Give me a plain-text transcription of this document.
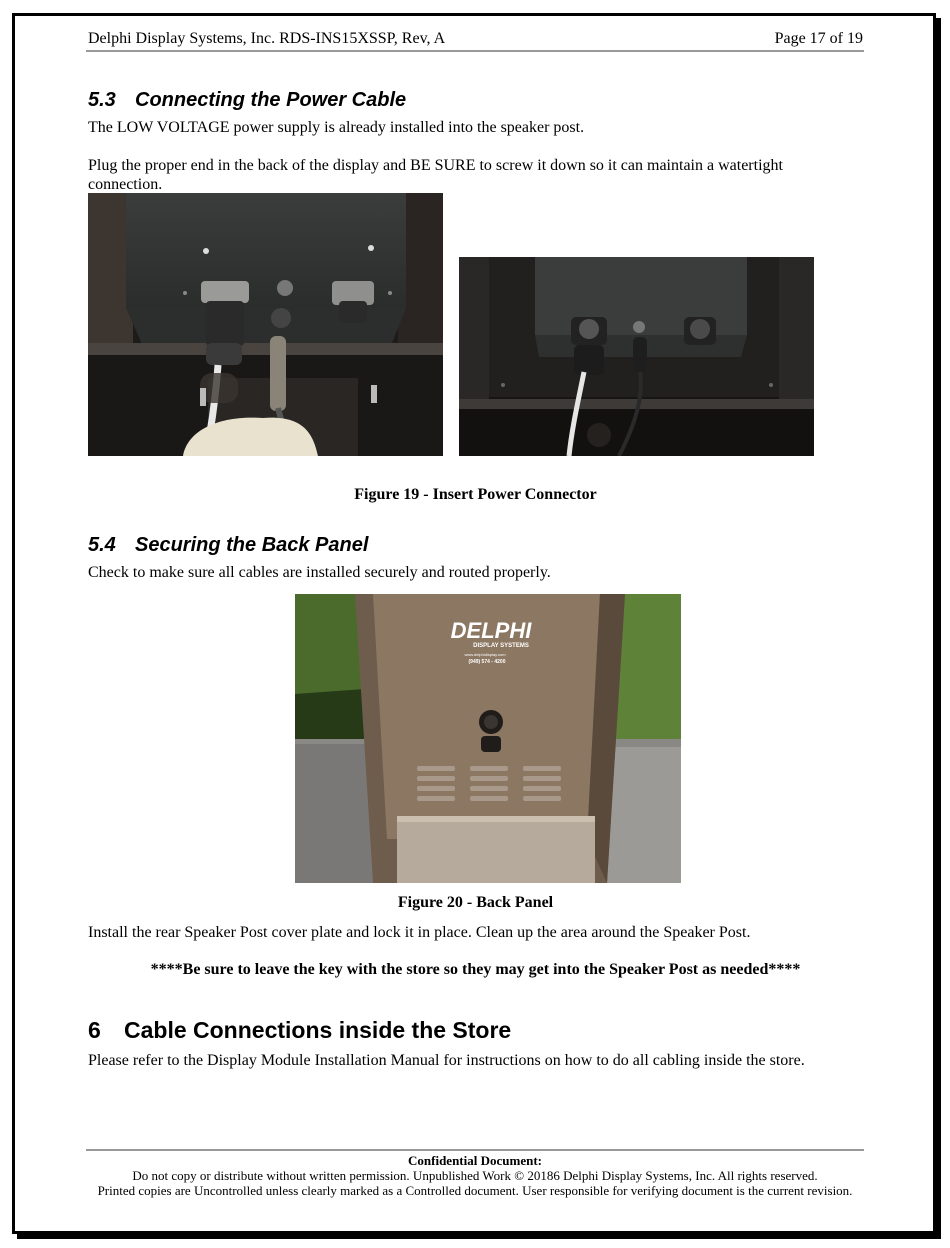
Delphi Display Systems, Inc. RDS-INS15XSSP, Rev, A	Page 17 of 19
5.3 Connecting the Power Cable
The LOW VOLTAGE power supply is already installed into the speaker post.
Plug the proper end in the back of the display and BE SURE to screw it down so it can maintain a watertight connection.
Figure 19 - Insert Power Connector
5.4 Securing the Back Panel
Check to make sure all cables are installed securely and routed properly.
DELPHI
DISPLAY SYSTEMS
www.delphidisplay.com
(949) 574 - 4200
Figure 20 - Back Panel
Install the rear Speaker Post cover plate and lock it in place. Clean up the area around the Speaker Post.
****Be sure to leave the key with the store so they may get into the Speaker Post as needed****
6 Cable Connections inside the Store
Please refer to the Display Module Installation Manual for instructions on how to do all cabling inside the store.
Confidential Document:
Do not copy or distribute without written permission. Unpublished Work © 20186 Delphi Display Systems, Inc. All rights reserved.
Printed copies are Uncontrolled unless clearly marked as a Controlled document. User responsible for verifying document is the current revision.
